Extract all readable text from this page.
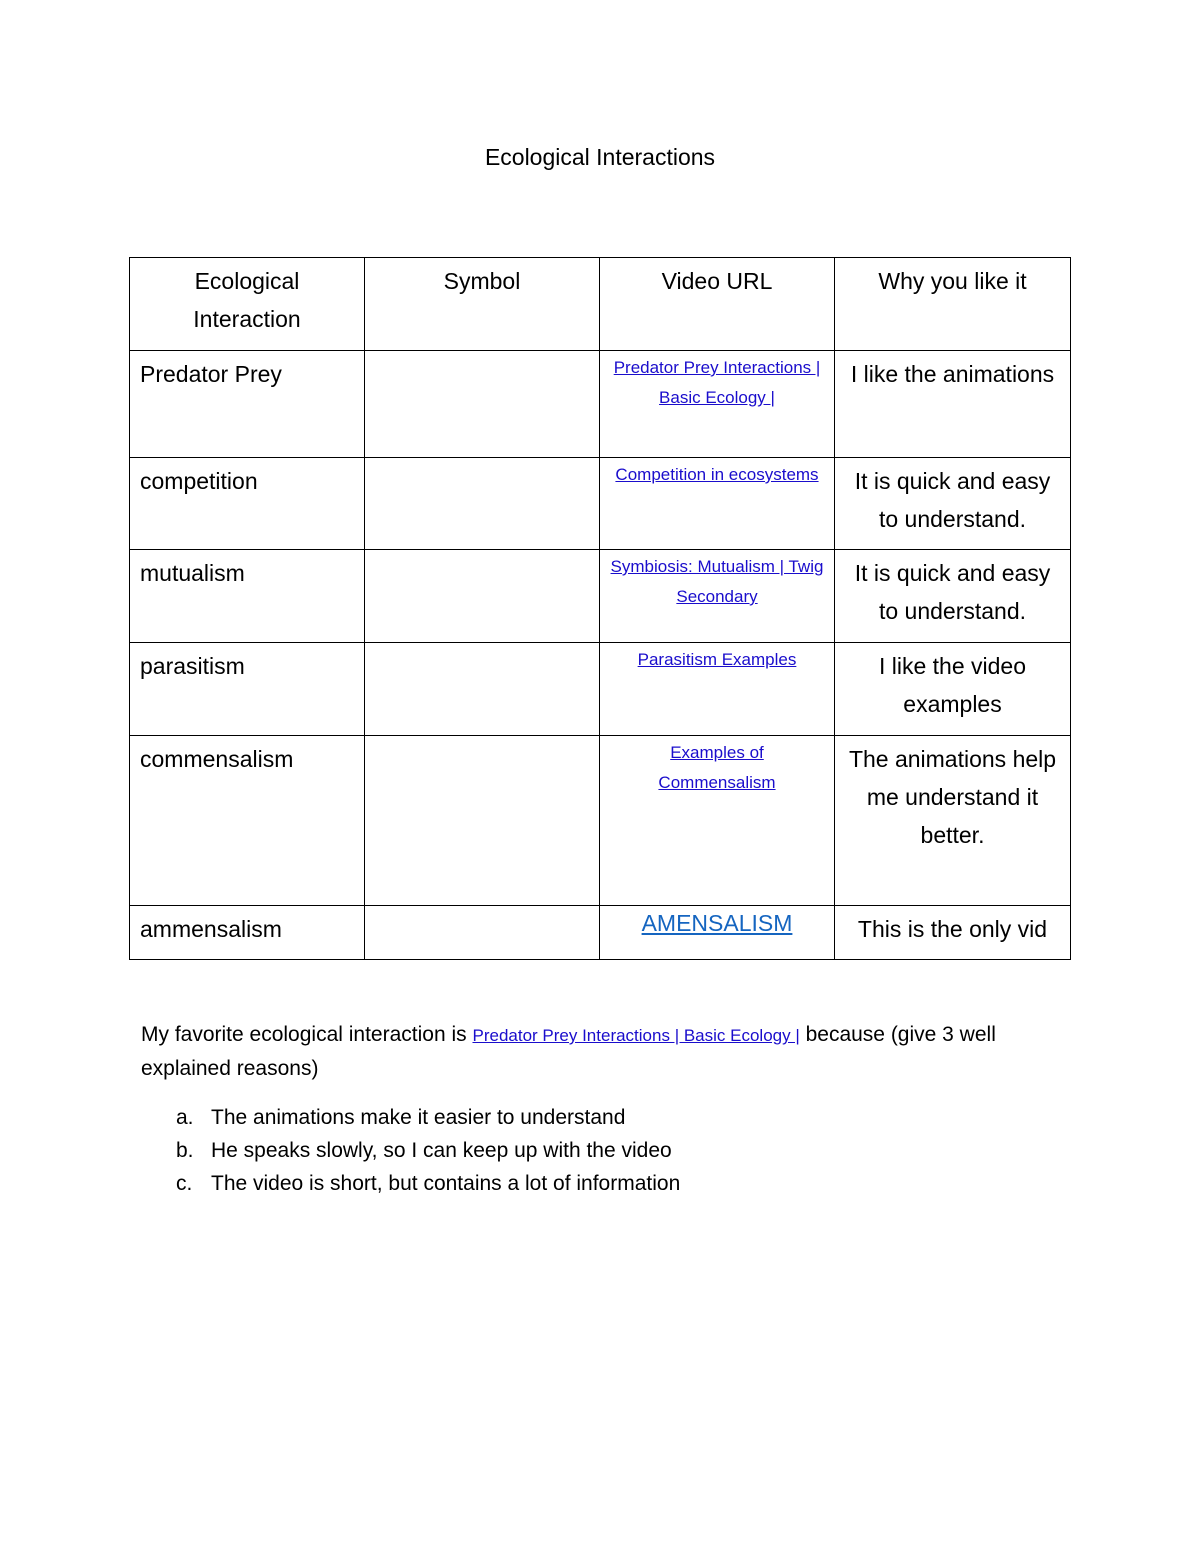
Ecological Interactions
Ecological Interaction	Symbol	Video URL	Why you like it
Predator Prey		Predator Prey Interactions | Basic Ecology |	I like the animations
competition		Competition in ecosystems	It is quick and easy to understand.
mutualism		Symbiosis: Mutualism | Twig Secondary	It is quick and easy to understand.
parasitism		Parasitism Examples	I like the video examples
commensalism		Examples of Commensalism	The animations help me understand it better.
ammensalism		AMENSALISM	This is the only vid
My favorite ecological interaction is Predator Prey Interactions | Basic Ecology | because (give 3 well explained reasons)
a. The animations make it easier to understand
b. He speaks slowly, so I can keep up with the video
c. The video is short, but contains a lot of information
